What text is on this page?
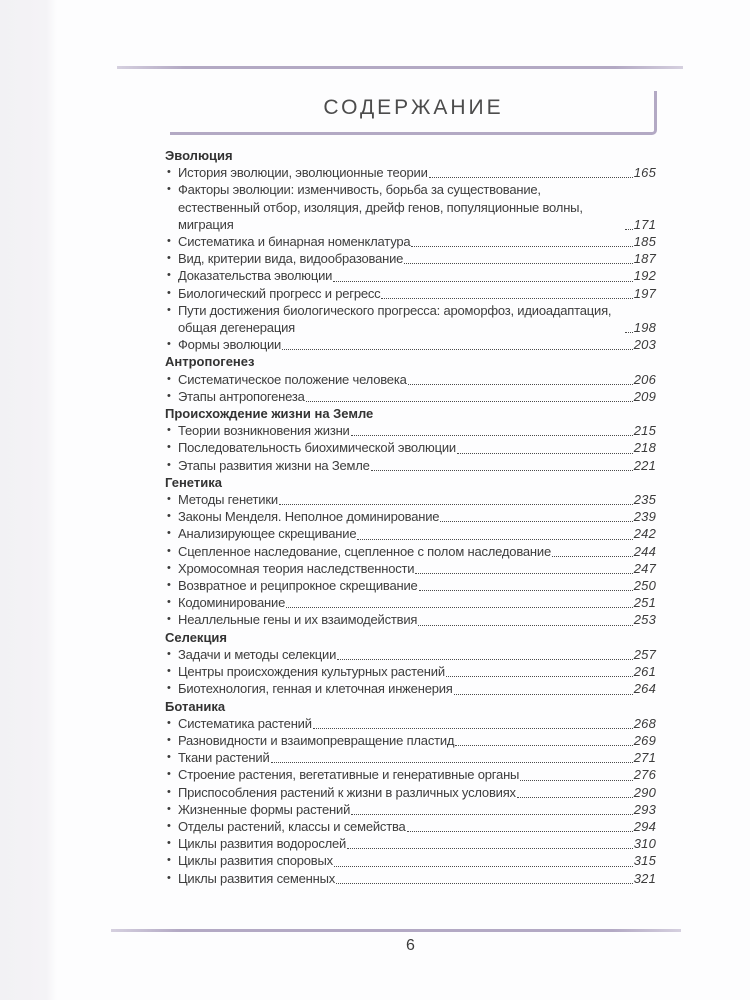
СОДЕРЖАНИЕ
Эволюция
• История эволюции, эволюционные теории	165
• Факторы эволюции: изменчивость, борьба за существование, естественный отбор, изоляция, дрейф генов, популяционные волны, миграция	171
• Систематика и бинарная номенклатура	185
• Вид, критерии вида, видообразование	187
• Доказательства эволюции	192
• Биологический прогресс и регресс	197
• Пути достижения биологического прогресса: ароморфоз, идиоадаптация, общая дегенерация	198
• Формы эволюции	203
Антропогенез
• Систематическое положение человека	206
• Этапы антропогенеза	209
Происхождение жизни на Земле
• Теории возникновения жизни	215
• Последовательность биохимической эволюции	218
• Этапы развития жизни на Земле	221
Генетика
• Методы генетики	235
• Законы Менделя. Неполное доминирование	239
• Анализирующее скрещивание	242
• Сцепленное наследование, сцепленное с полом наследование	244
• Хромосомная теория наследственности	247
• Возвратное и реципрокное скрещивание	250
• Кодоминирование	251
• Неаллельные гены и их взаимодействия	253
Селекция
• Задачи и методы селекции	257
• Центры происхождения культурных растений	261
• Биотехнология, генная и клеточная инженерия	264
Ботаника
• Систематика растений	268
• Разновидности и взаимопревращение пластид	269
• Ткани растений	271
• Строение растения, вегетативные и генеративные органы	276
• Приспособления растений к жизни в различных условиях	290
• Жизненные формы растений	293
• Отделы растений, классы и семейства	294
• Циклы развития водорослей	310
• Циклы развития споровых	315
• Циклы развития семенных	321
6
